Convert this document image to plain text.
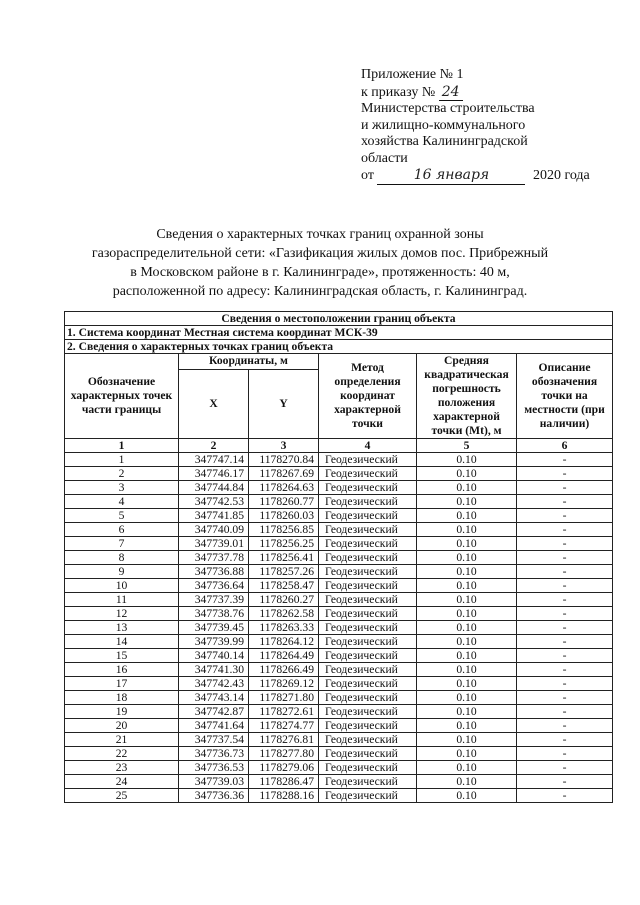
Приложение № 1
к приказу № 24
Министерства строительства
и жилищно-коммунального
хозяйства Калининградской
области
от	16 января	2020 года
Сведения о характерных точках границ охранной зоны
газораспределительной сети: «Газификация жилых домов пос. Прибрежный
в Московском районе в г. Калининграде», протяженность: 40 м,
расположенной по адресу: Калининградская область, г. Калининград.
Сведения о местоположении границ объекта					
1. Система координат Местная система координат МСК-39					
2. Сведения о характерных точках границ объекта					
Обозначение характерных точек части границы	Координаты, м		Метод определения координат характерной точки	Средняя квадратическая погрешность положения характерной точки (Mt), м	Описание обозначения точки на местности (при наличии)
	X	Y			
1	2	3	4	5	6
1	347747.14	1178270.84	Геодезический	0.10	-
2	347746.17	1178267.69	Геодезический	0.10	-
3	347744.84	1178264.63	Геодезический	0.10	-
4	347742.53	1178260.77	Геодезический	0.10	-
5	347741.85	1178260.03	Геодезический	0.10	-
6	347740.09	1178256.85	Геодезический	0.10	-
7	347739.01	1178256.25	Геодезический	0.10	-
8	347737.78	1178256.41	Геодезический	0.10	-
9	347736.88	1178257.26	Геодезический	0.10	-
10	347736.64	1178258.47	Геодезический	0.10	-
11	347737.39	1178260.27	Геодезический	0.10	-
12	347738.76	1178262.58	Геодезический	0.10	-
13	347739.45	1178263.33	Геодезический	0.10	-
14	347739.99	1178264.12	Геодезический	0.10	-
15	347740.14	1178264.49	Геодезический	0.10	-
16	347741.30	1178266.49	Геодезический	0.10	-
17	347742.43	1178269.12	Геодезический	0.10	-
18	347743.14	1178271.80	Геодезический	0.10	-
19	347742.87	1178272.61	Геодезический	0.10	-
20	347741.64	1178274.77	Геодезический	0.10	-
21	347737.54	1178276.81	Геодезический	0.10	-
22	347736.73	1178277.80	Геодезический	0.10	-
23	347736.53	1178279.06	Геодезический	0.10	-
24	347739.03	1178286.47	Геодезический	0.10	-
25	347736.36	1178288.16	Геодезический	0.10	-
